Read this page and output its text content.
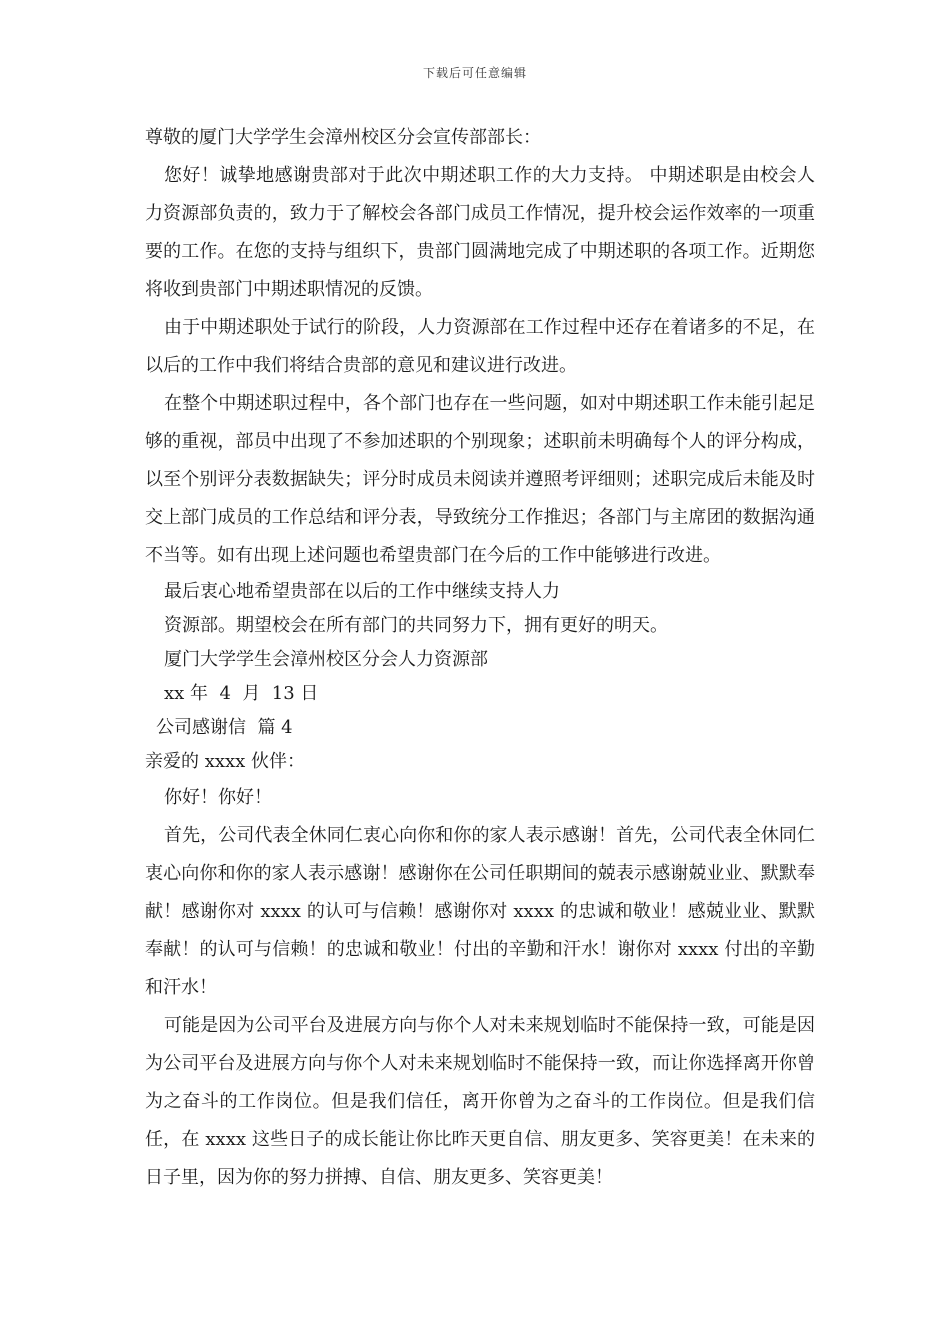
下载后可任意编辑

尊敬的厦门大学学生会漳州校区分会宣传部部长：

您好！诚挚地感谢贵部对于此次中期述职工作的大力支持。 中期述职是由校会人力资源部负责的，致力于了解校会各部门成员工作情况，提升校会运作效率的一项重要的工作。在您的支持与组织下，贵部门圆满地完成了中期述职的各项工作。近期您将收到贵部门中期述职情况的反馈。

由于中期述职处于试行的阶段，人力资源部在工作过程中还存在着诸多的不足，在以后的工作中我们将结合贵部的意见和建议进行改进。

在整个中期述职过程中，各个部门也存在一些问题，如对中期述职工作未能引起足够的重视，部员中出现了不参加述职的个别现象；述职前未明确每个人的评分构成，以至个别评分表数据缺失；评分时成员未阅读并遵照考评细则；述职完成后未能及时交上部门成员的工作总结和评分表，导致统分工作推迟；各部门与主席团的数据沟通不当等。如有出现上述问题也希望贵部门在今后的工作中能够进行改进。

最后衷心地希望贵部在以后的工作中继续支持人力

资源部。期望校会在所有部门的共同努力下，拥有更好的明天。

厦门大学学生会漳州校区分会人力资源部

xx 年  4  月  13 日

公司感谢信  篇 4

亲爱的 xxxx 伙伴：

你好！你好！

首先，公司代表全休同仁衷心向你和你的家人表示感谢！首先，公司代表全休同仁衷心向你和你的家人表示感谢！感谢你在公司任职期间的兢表示感谢兢业业、默默奉献！感谢你对 xxxx 的认可与信赖！感谢你对 xxxx 的忠诚和敬业！感兢业业、默默奉献！的认可与信赖！的忠诚和敬业！付出的辛勤和汗水！谢你对 xxxx 付出的辛勤和汗水！

可能是因为公司平台及进展方向与你个人对未来规划临时不能保持一致，可能是因为公司平台及进展方向与你个人对未来规划临时不能保持一致，而让你选择离开你曾为之奋斗的工作岗位。但是我们信任，离开你曾为之奋斗的工作岗位。但是我们信任，在 xxxx 这些日子的成长能让你比昨天更自信、朋友更多、笑容更美！在未来的日子里，因为你的努力拼搏、自信、朋友更多、笑容更美！
